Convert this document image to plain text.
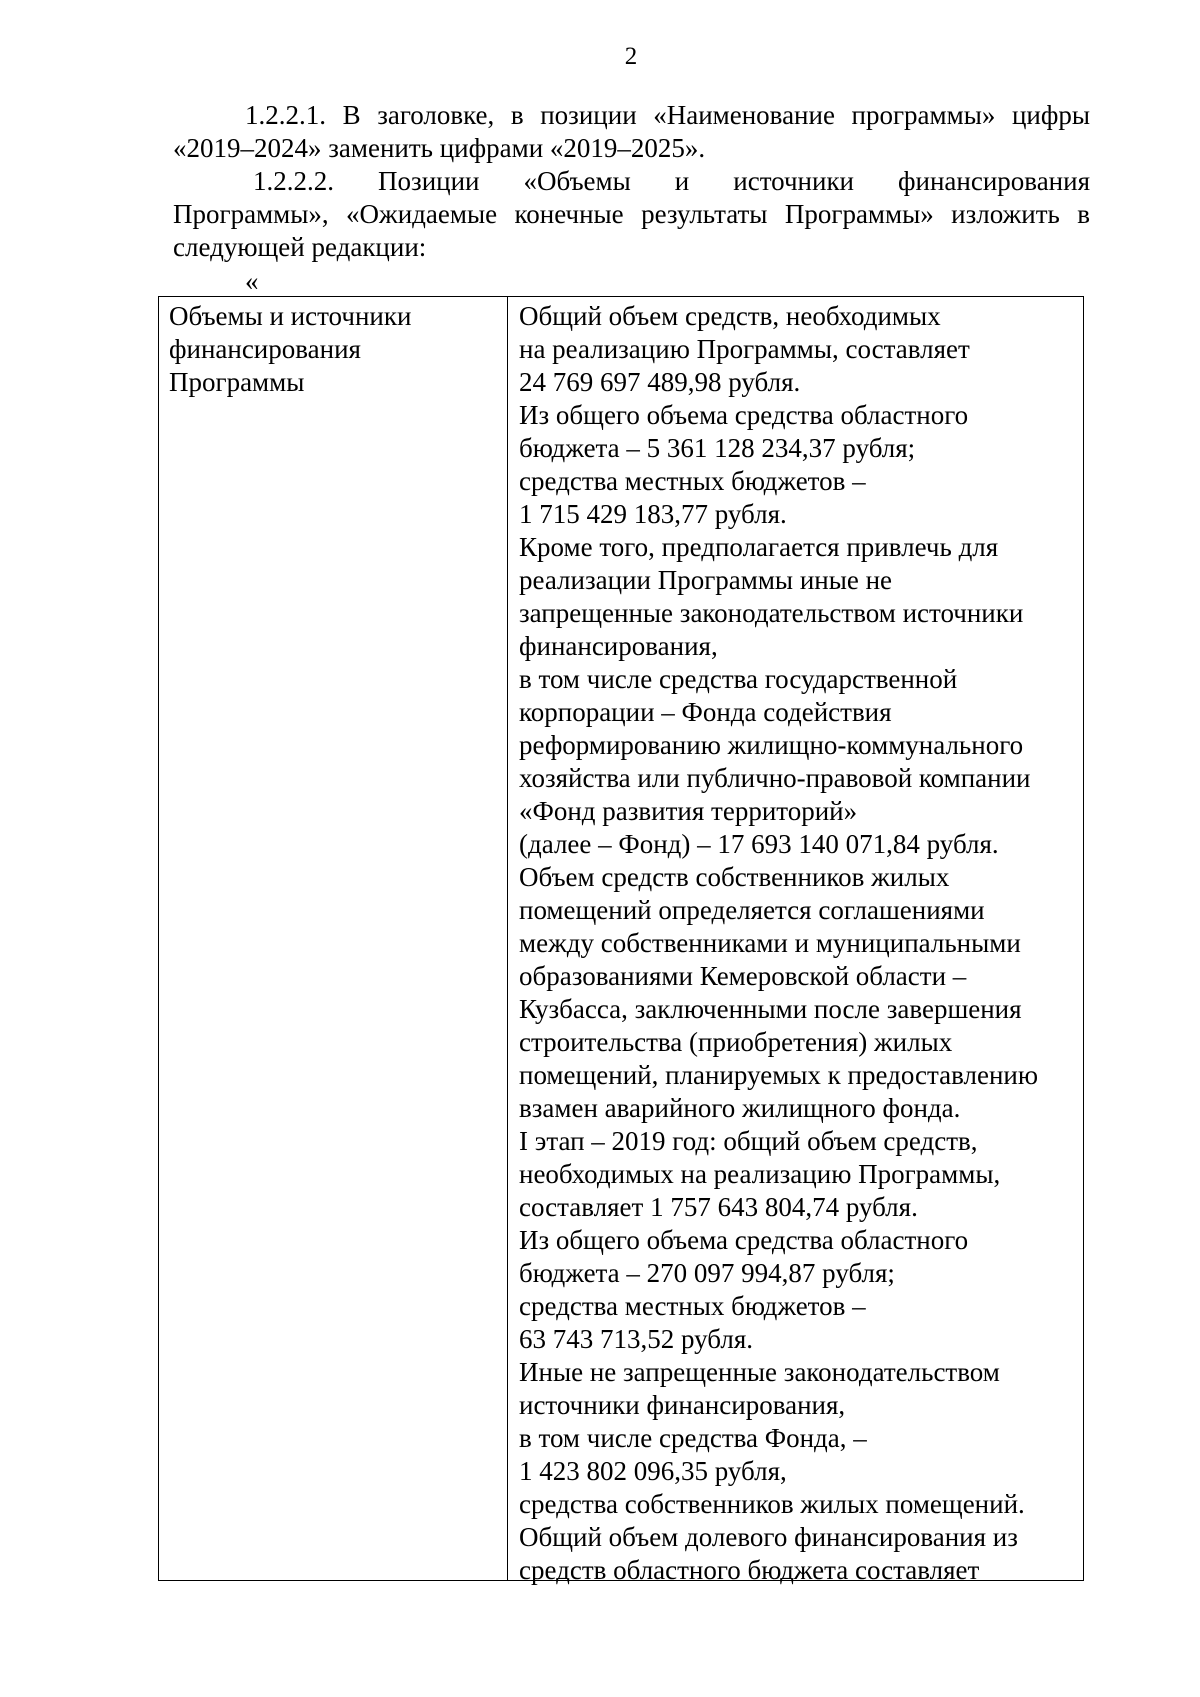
2
1.2.2.1. В заголовке, в позиции «Наименование программы» цифры
«2019–2024» заменить цифрами «2019–2025».
1.2.2.2. Позиции «Объемы и источники финансирования
Программы», «Ожидаемые конечные результаты Программы» изложить в
следующей редакции:
«
Объемы и источники
финансирования
Программы
Общий объем средств, необходимых
на реализацию Программы, составляет
24 769 697 489,98 рубля.
Из общего объема средства областного
бюджета – 5 361 128 234,37 рубля;
средства местных бюджетов –
1 715 429 183,77 рубля.
Кроме того, предполагается привлечь для
реализации Программы иные не
запрещенные законодательством источники
финансирования,
в том числе средства государственной
корпорации – Фонда содействия
реформированию жилищно-коммунального
хозяйства или публично-правовой компании
«Фонд развития территорий»
(далее – Фонд) – 17 693 140 071,84 рубля.
Объем средств собственников жилых
помещений определяется соглашениями
между собственниками и муниципальными
образованиями Кемеровской области –
Кузбасса, заключенными после завершения
строительства (приобретения) жилых
помещений, планируемых к предоставлению
взамен аварийного жилищного фонда.
I этап – 2019 год: общий объем средств,
необходимых на реализацию Программы,
составляет 1 757 643 804,74 рубля.
Из общего объема средства областного
бюджета – 270 097 994,87 рубля;
средства местных бюджетов –
63 743 713,52 рубля.
Иные не запрещенные законодательством
источники финансирования,
в том числе средства Фонда, –
1 423 802 096,35 рубля,
средства собственников жилых помещений.
Общий объем долевого финансирования из
средств областного бюджета составляет
